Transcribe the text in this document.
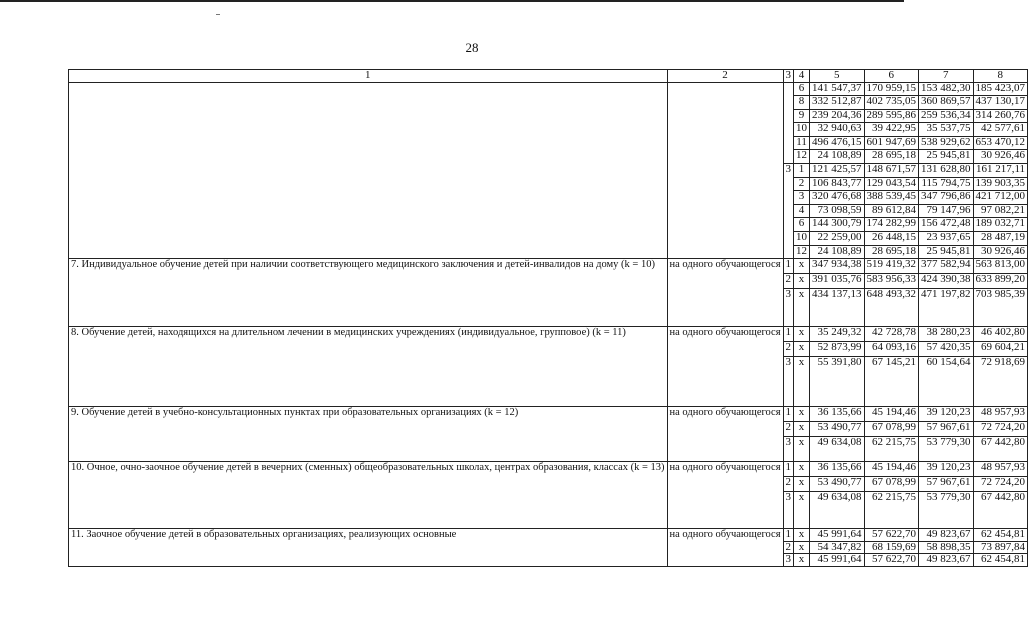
28
1	2	3	4	5	6	7	8
			6	141 547,37	170 959,15	153 482,30	185 423,07
			8	332 512,87	402 735,05	360 869,57	437 130,17
			9	239 204,36	289 595,86	259 536,34	314 260,76
			10	32 940,63	39 422,95	35 537,75	42 577,61
			11	496 476,15	601 947,69	538 929,62	653 470,12
			12	24 108,89	28 695,18	25 945,81	30 926,46
		3	1	121 425,57	148 671,57	131 628,80	161 217,11
			2	106 843,77	129 043,54	115 794,75	139 903,35
			3	320 476,68	388 539,45	347 796,86	421 712,00
			4	73 098,59	89 612,84	79 147,96	97 082,21
			6	144 300,79	174 282,99	156 472,48	189 032,71
			10	22 259,00	26 448,15	23 937,65	28 487,19
			12	24 108,89	28 695,18	25 945,81	30 926,46
7. Индивидуальное обучение детей при наличии соответствующего медицинского заключения и детей-инвалидов на дому (k = 10)	на одного обучающегося	1	х	347 934,38	519 419,32	377 582,94	563 813,00
		2	х	391 035,76	583 956,33	424 390,38	633 899,20
		3	х	434 137,13	648 493,32	471 197,82	703 985,39
8. Обучение детей, находящихся на длительном лечении в медицинских учреждениях (индивидуальное, групповое) (k = 11)	на одного обучающегося	1	х	35 249,32	42 728,78	38 280,23	46 402,80
		2	х	52 873,99	64 093,16	57 420,35	69 604,21
		3	х	55 391,80	67 145,21	60 154,64	72 918,69
9. Обучение детей в учебно-консультационных пунктах при образовательных организациях (k = 12)	на одного обучающегося	1	х	36 135,66	45 194,46	39 120,23	48 957,93
		2	х	53 490,77	67 078,99	57 967,61	72 724,20
		3	х	49 634,08	62 215,75	53 779,30	67 442,80
10. Очное, очно-заочное обучение детей в вечерних (сменных) общеобразовательных школах, центрах образования, классах (k = 13)	на одного обучающегося	1	х	36 135,66	45 194,46	39 120,23	48 957,93
		2	х	53 490,77	67 078,99	57 967,61	72 724,20
		3	х	49 634,08	62 215,75	53 779,30	67 442,80
11. Заочное обучение детей в образовательных организациях, реализующих основные	на одного обучающегося	1	х	45 991,64	57 622,70	49 823,67	62 454,81
		2	х	54 347,82	68 159,69	58 898,35	73 897,84
		3	х	45 991,64	57 622,70	49 823,67	62 454,81
